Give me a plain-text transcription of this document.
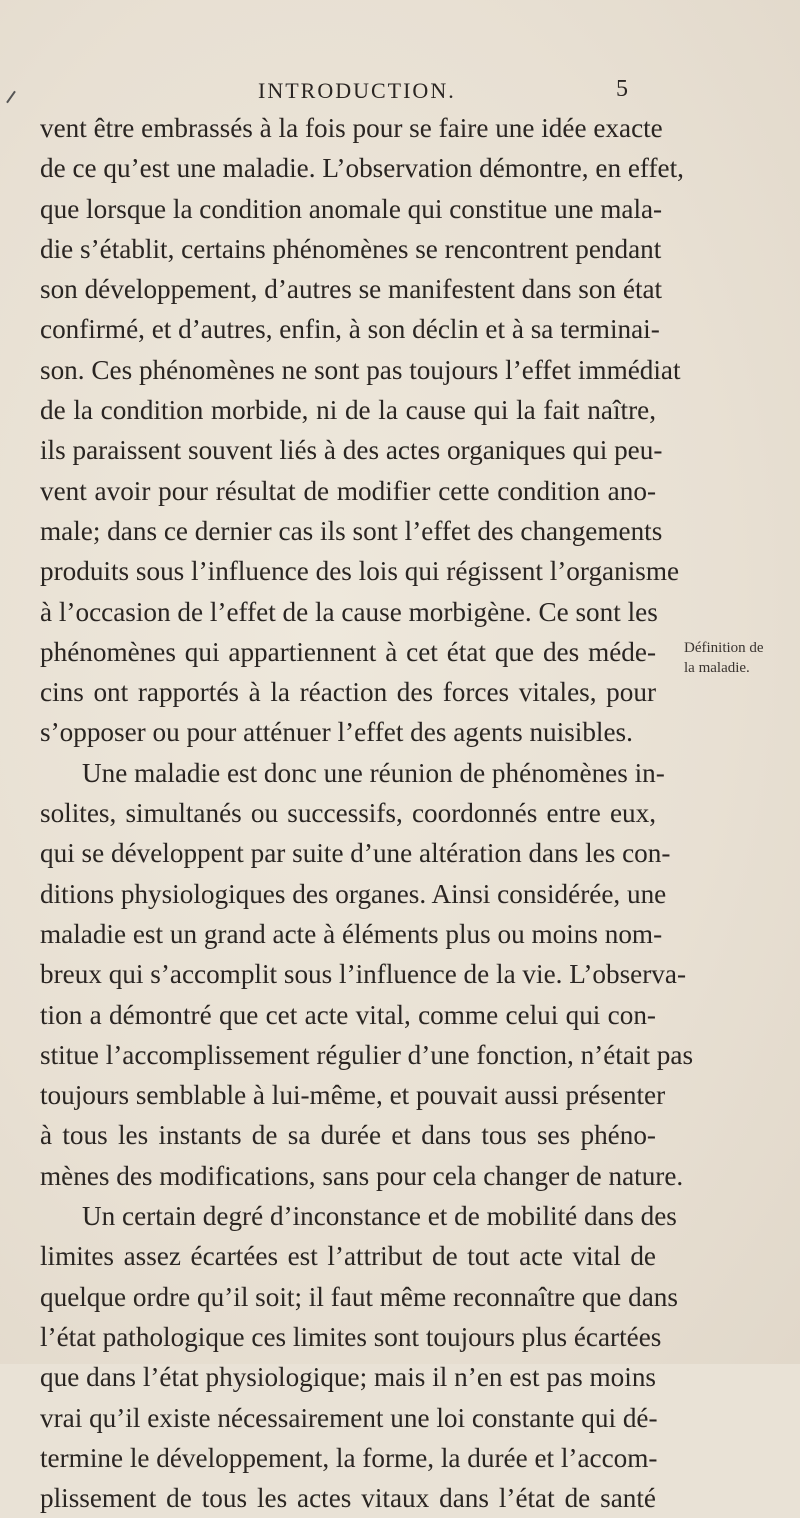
INTRODUCTION.	5
vent être embrassés à la fois pour se faire une idée exacte
de ce qu’est une maladie. L’observation démontre, en effet,
que lorsque la condition anomale qui constitue une mala-
die s’établit, certains phénomènes se rencontrent pendant
son développement, d’autres se manifestent dans son état
confirmé, et d’autres, enfin, à son déclin et à sa terminai-
son. Ces phénomènes ne sont pas toujours l’effet immédiat
de la condition morbide, ni de la cause qui la fait naître,
ils paraissent souvent liés à des actes organiques qui peu-
vent avoir pour résultat de modifier cette condition ano-
male; dans ce dernier cas ils sont l’effet des changements
produits sous l’influence des lois qui régissent l’organisme
à l’occasion de l’effet de la cause morbigène. Ce sont les
phénomènes qui appartiennent à cet état que des méde-
cins ont rapportés à la réaction des forces vitales, pour
s’opposer ou pour atténuer l’effet des agents nuisibles.
Une maladie est donc une réunion de phénomènes in-
solites, simultanés ou successifs, coordonnés entre eux,
qui se développent par suite d’une altération dans les con-
ditions physiologiques des organes. Ainsi considérée, une
maladie est un grand acte à éléments plus ou moins nom-
breux qui s’accomplit sous l’influence de la vie. L’observa-
tion a démontré que cet acte vital, comme celui qui con-
stitue l’accomplissement régulier d’une fonction, n’était pas
toujours semblable à lui-même, et pouvait aussi présenter
à tous les instants de sa durée et dans tous ses phéno-
mènes des modifications, sans pour cela changer de nature.
Un certain degré d’inconstance et de mobilité dans des
limites assez écartées est l’attribut de tout acte vital de
quelque ordre qu’il soit; il faut même reconnaître que dans
l’état pathologique ces limites sont toujours plus écartées
que dans l’état physiologique; mais il n’en est pas moins
vrai qu’il existe nécessairement une loi constante qui dé-
termine le développement, la forme, la durée et l’accom-
plissement de tous les actes vitaux dans l’état de santé
Définition de
la maladie.
